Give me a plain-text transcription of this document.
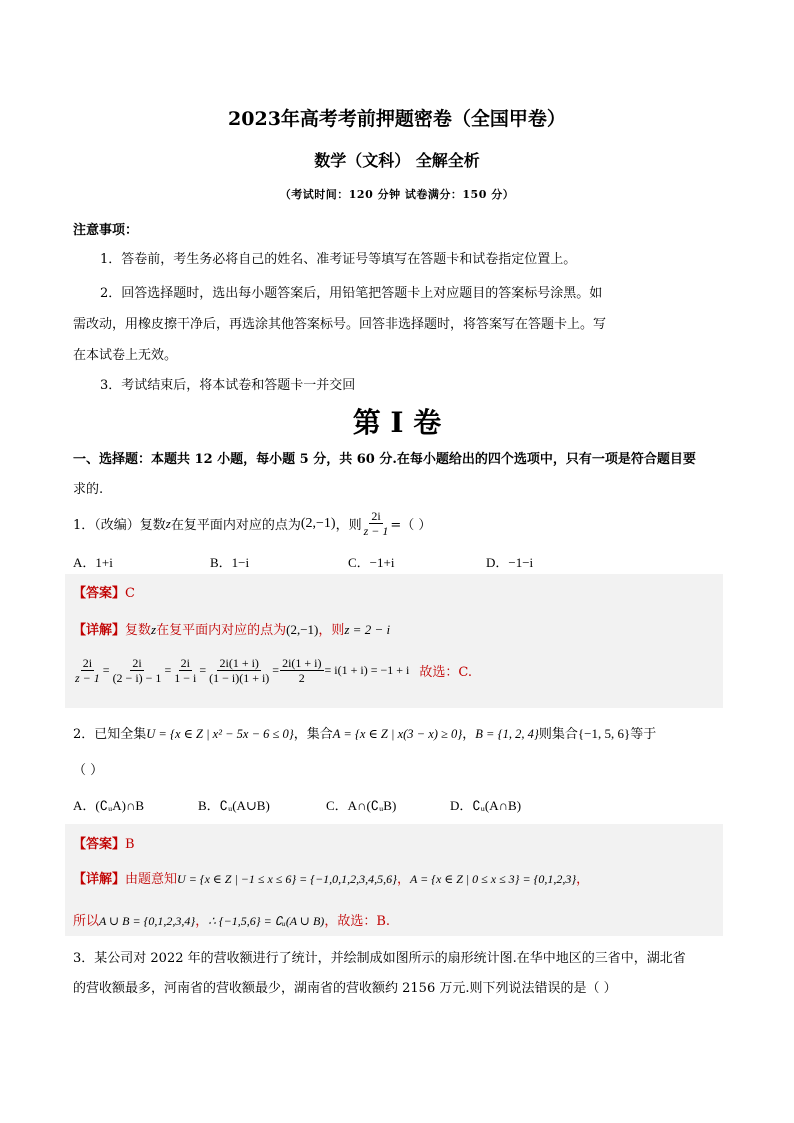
2023年高考考前押题密卷（全国甲卷）
数学（文科） 全解全析
（考试时间：120 分钟 试卷满分：150 分）
注意事项：
1．答卷前，考生务必将自己的姓名、准考证号等填写在答题卡和试卷指定位置上。
2．回答选择题时，选出每小题答案后，用铅笔把答题卡上对应题目的答案标号涂黑。如
需改动，用橡皮擦干净后，再选涂其他答案标号。回答非选择题时，将答案写在答题卡上。写
在本试卷上无效。
3．考试结束后，将本试卷和答题卡一并交回
第 I 卷
一、选择题：本题共 12 小题，每小题 5 分，共 60 分.在每小题给出的四个选项中，只有一项是符合题目要
求的.
1．（改编）复数 z 在复平面内对应的点为 (2,−1) ，则 $\frac{2i}{z - 1}$ =（ ）
A．1+i	B．1−i	C．−1+i	D．−1−i
【答案】C
【详解】复数z在复平面内对应的点为(2,−1)，则z = 2 − i
$\frac{2i}{z - 1} = \frac{2i}{(2 - i) - 1} = \frac{2i}{1 - i} = \frac{2i(1 + i)}{(1 - i)(1 + i)} = \frac{2i(1 + i)}{2} = i(1 + i) = -1 + i$ 故选：C.
2．已知全集U = {x ∈ Z | x² − 5x − 6 ≤ 0}，集合A = {x ∈ Z | x(3 − x) ≥ 0}，B = {1, 2, 4}则集合{−1, 5, 6}等于
（ ）
A．(∁ᵤA)∩B	B．∁ᵤ(A∪B)	C．A∩(∁ᵤB)	D．∁ᵤ(A∩B)
【答案】B
【详解】由题意知U = {x ∈ Z | −1 ≤ x ≤ 6} = {−1,0,1,2,3,4,5,6}，A = {x ∈ Z | 0 ≤ x ≤ 3} = {0,1,2,3}，
所以A ∪ B = {0,1,2,3,4}，∴ {−1,5,6} = ∁ᵤ(A ∪ B)，故选：B.
3．某公司对 2022 年的营收额进行了统计，并绘制成如图所示的扇形统计图.在华中地区的三省中，湖北省
的营收额最多，河南省的营收额最少，湖南省的营收额约 2156 万元.则下列说法错误的是（ ）
